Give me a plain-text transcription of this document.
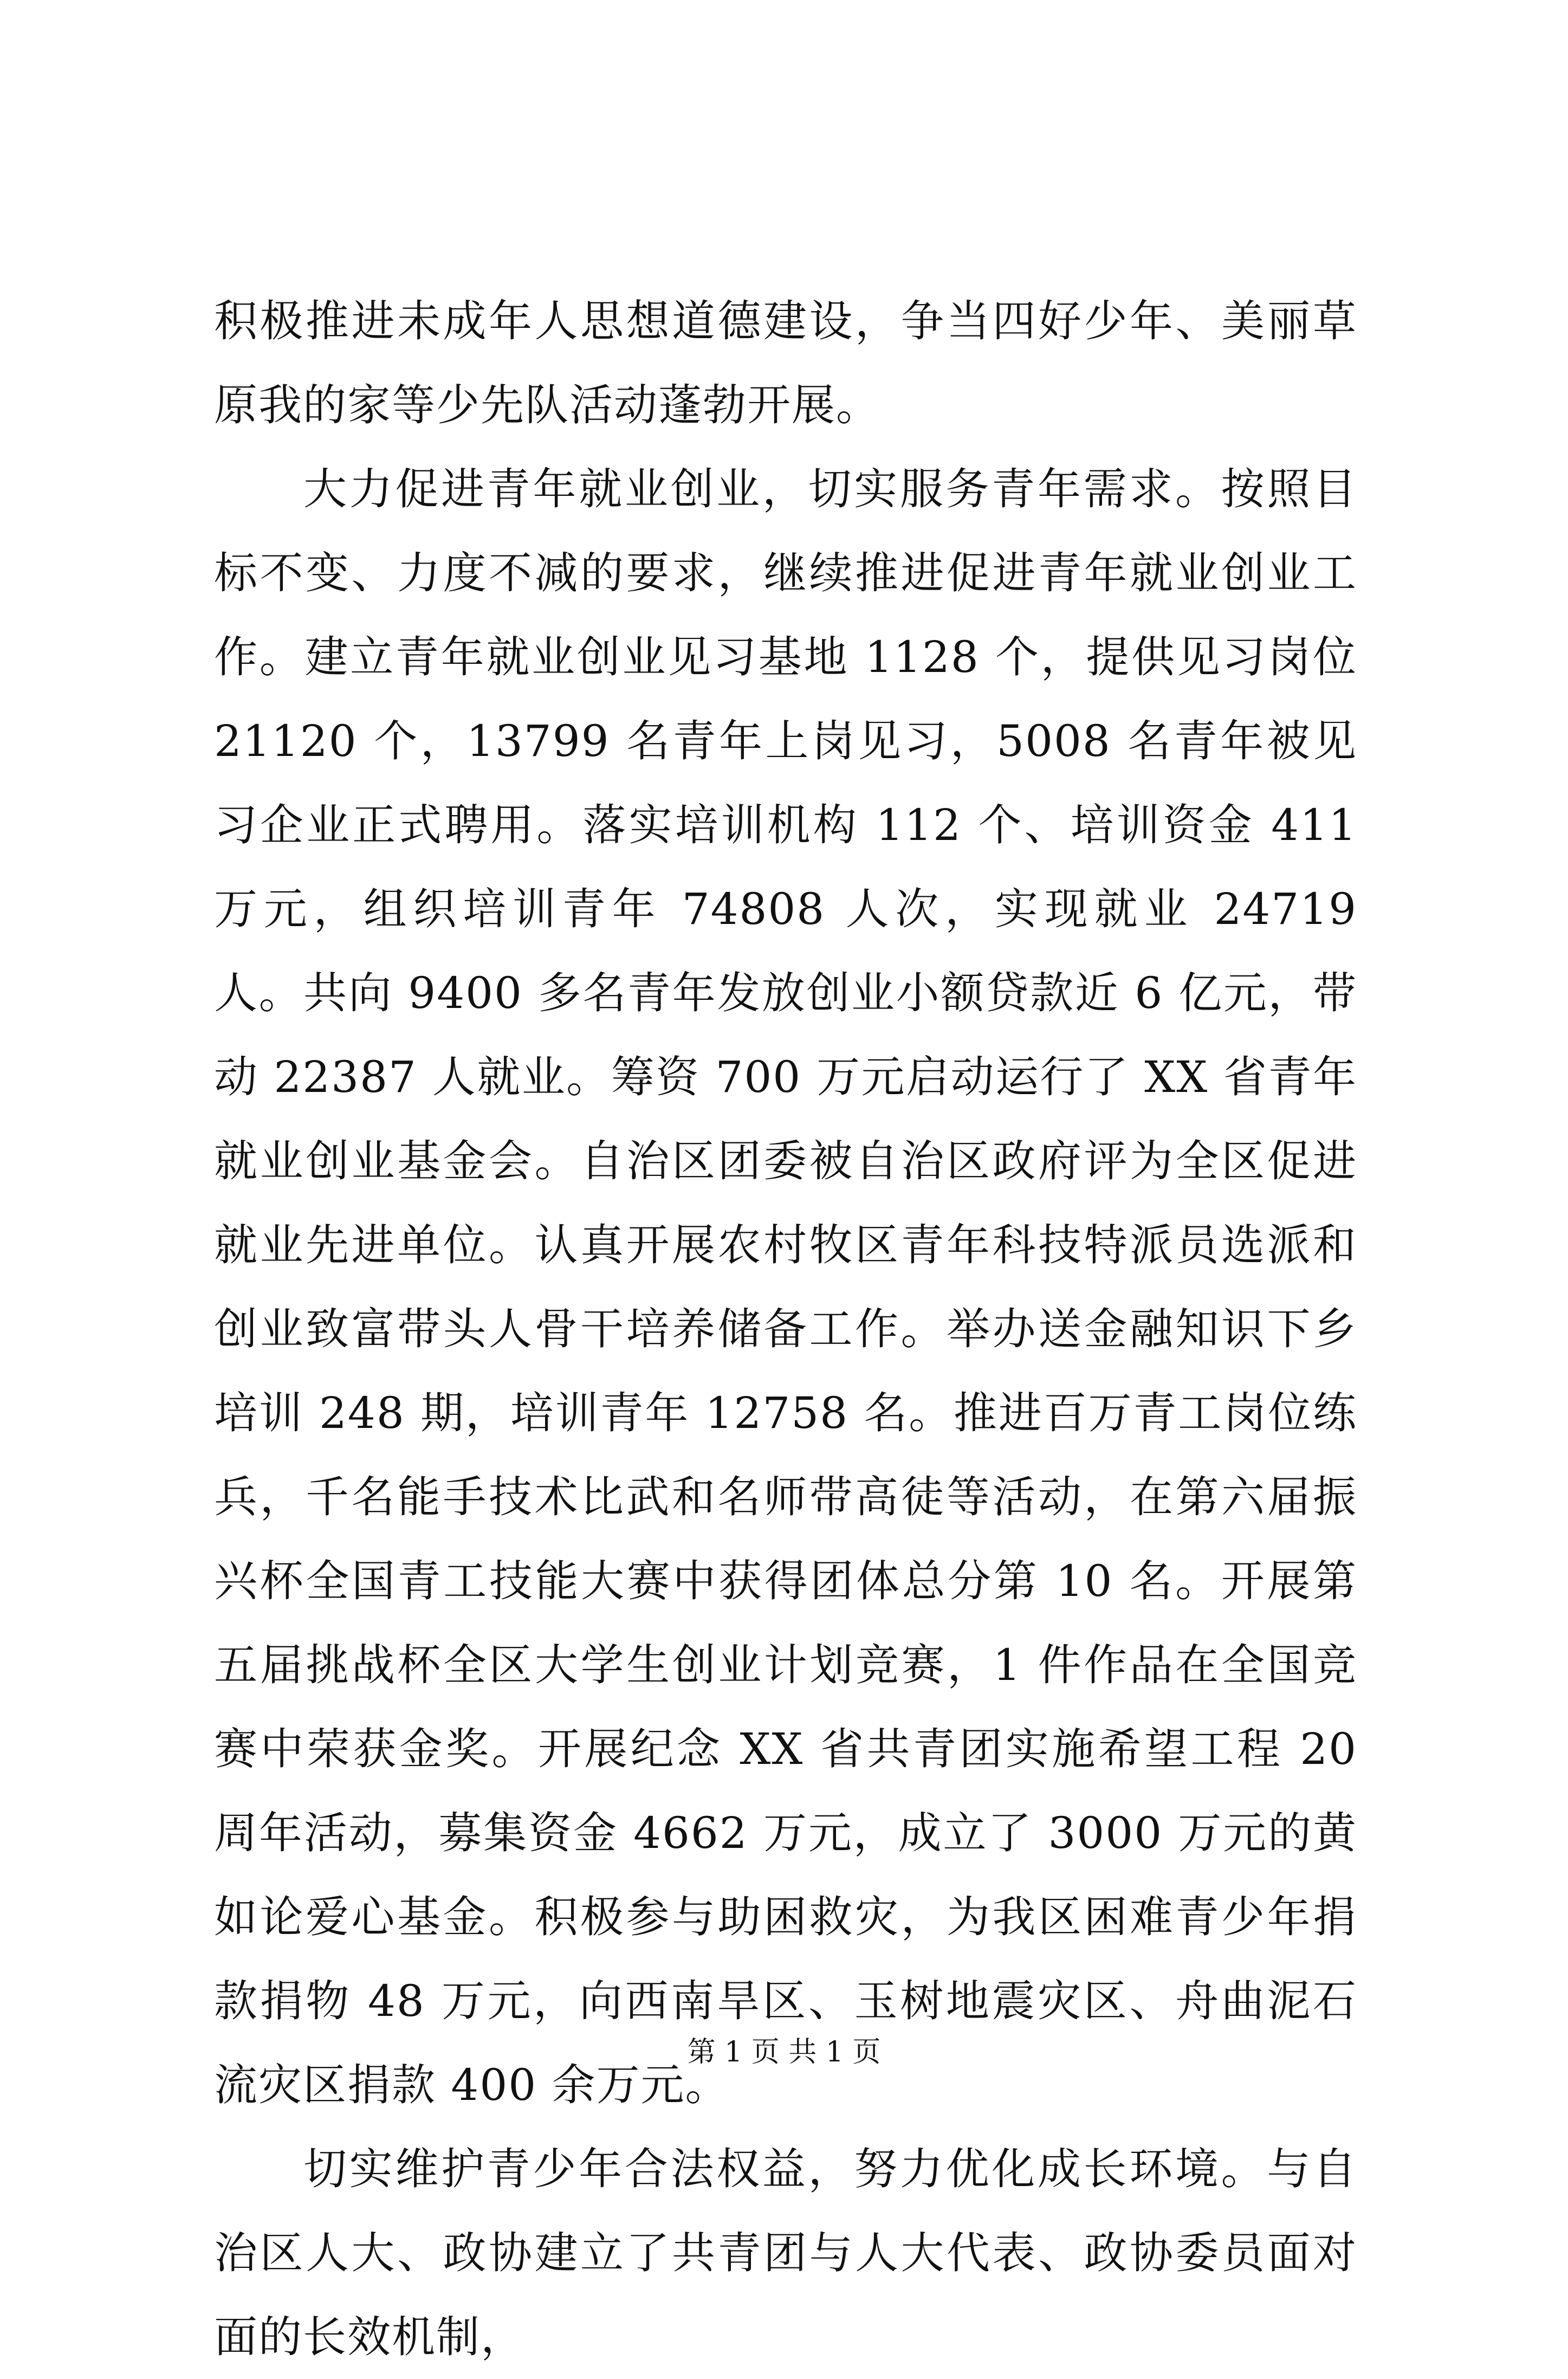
积极推进未成年人思想道德建设，争当四好少年、美丽草原我的家等少先队活动蓬勃开展。

大力促进青年就业创业，切实服务青年需求。按照目标不变、力度不减的要求，继续推进促进青年就业创业工作。建立青年就业创业见习基地 1128 个，提供见习岗位 21120 个，13799 名青年上岗见习，5008 名青年被见习企业正式聘用。落实培训机构 112 个、培训资金 411 万元，组织培训青年 74808 人次，实现就业 24719 人。共向 9400 多名青年发放创业小额贷款近 6 亿元，带动 22387 人就业。筹资 700 万元启动运行了 XX 省青年就业创业基金会。自治区团委被自治区政府评为全区促进就业先进单位。认真开展农村牧区青年科技特派员选派和创业致富带头人骨干培养储备工作。举办送金融知识下乡培训 248 期，培训青年 12758 名。推进百万青工岗位练兵，千名能手技术比武和名师带高徒等活动，在第六届振兴杯全国青工技能大赛中获得团体总分第 10 名。开展第五届挑战杯全区大学生创业计划竞赛，1 件作品在全国竞赛中荣获金奖。开展纪念 XX 省共青团实施希望工程 20 周年活动，募集资金 4662 万元，成立了 3000 万元的黄如论爱心基金。积极参与助困救灾，为我区困难青少年捐款捐物 48 万元，向西南旱区、玉树地震灾区、舟曲泥石流灾区捐款 400 余万元。

切实维护青少年合法权益，努力优化成长环境。与自治区人大、政协建立了共青团与人大代表、政协委员面对面的长效机制，

第 1 页 共 1 页
